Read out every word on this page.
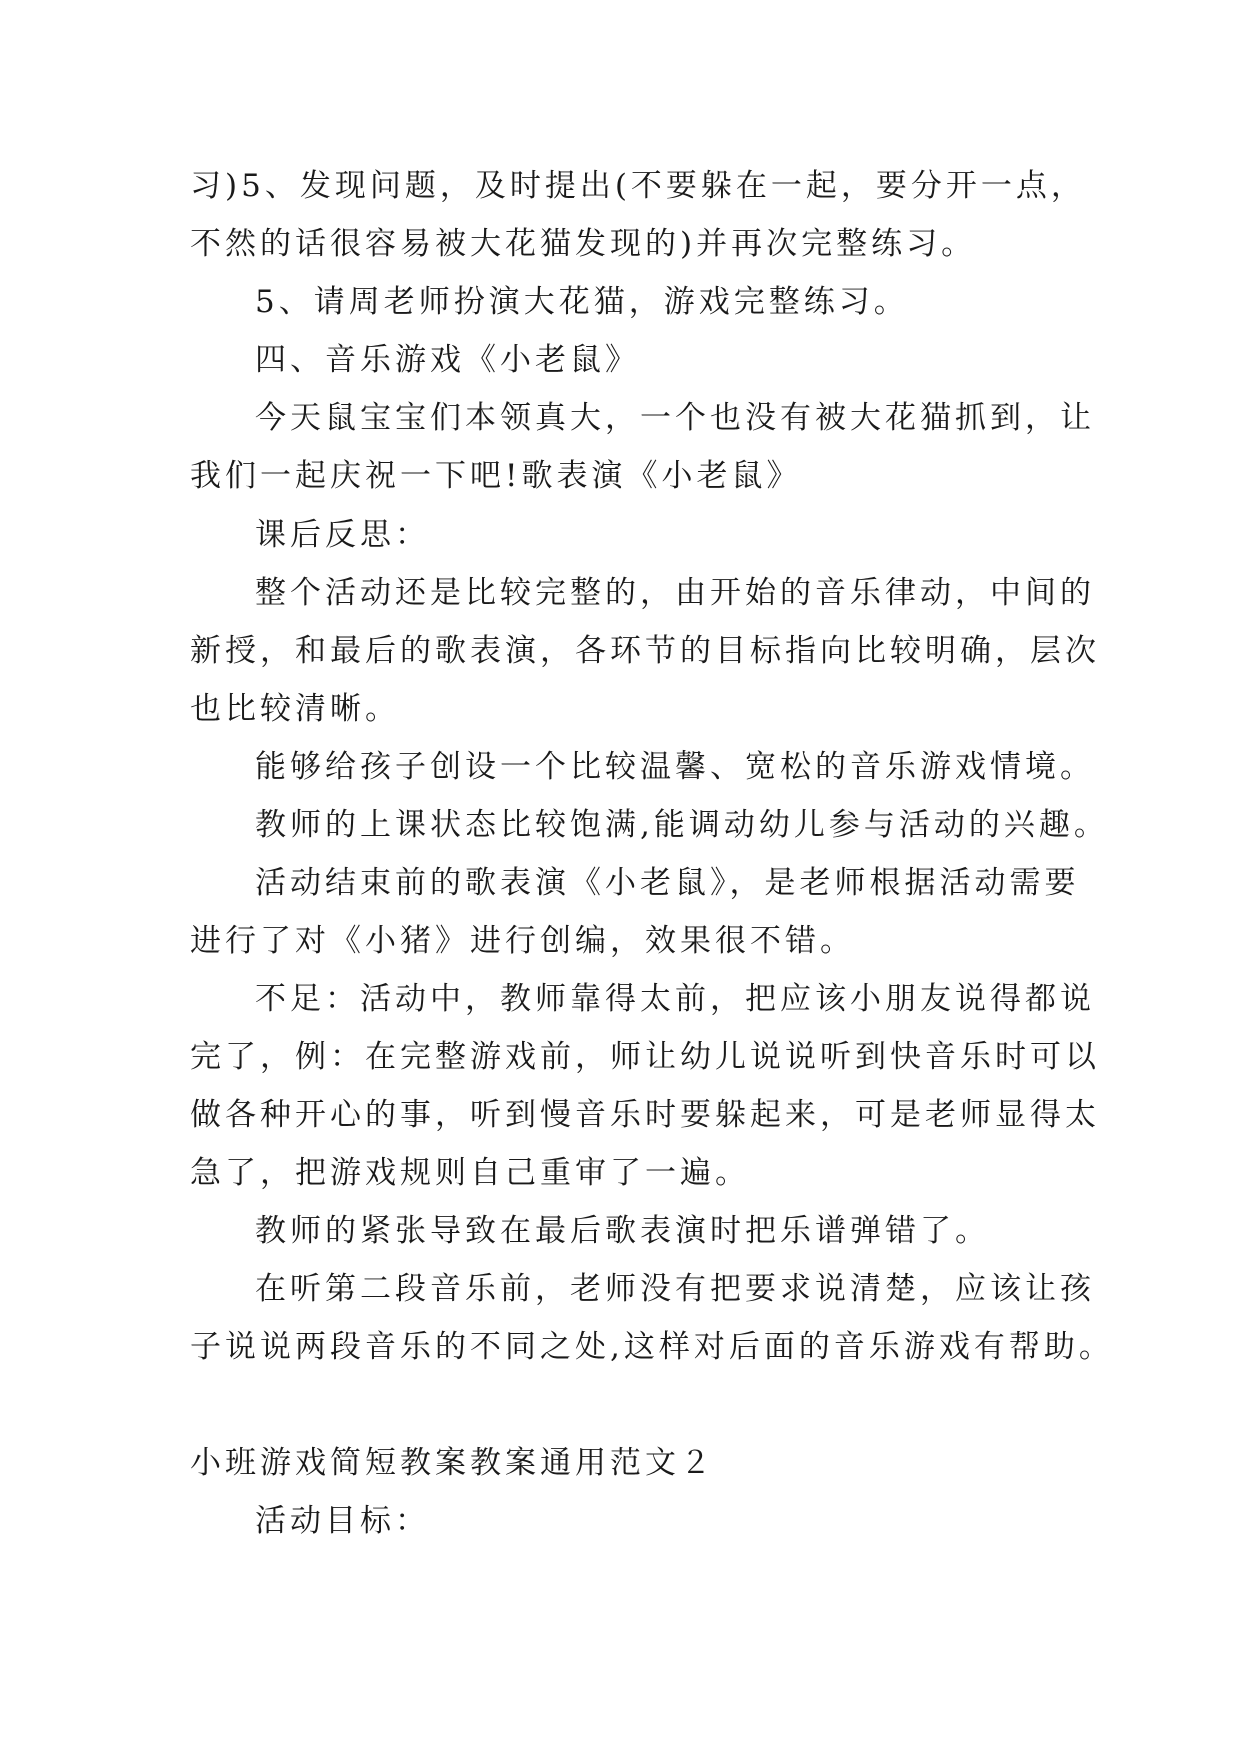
习)5、发现问题，及时提出(不要躲在一起，要分开一点，
不然的话很容易被大花猫发现的)并再次完整练习。
5、请周老师扮演大花猫，游戏完整练习。
四、音乐游戏《小老鼠》
今天鼠宝宝们本领真大，一个也没有被大花猫抓到，让
我们一起庆祝一下吧!歌表演《小老鼠》
课后反思：
整个活动还是比较完整的，由开始的音乐律动，中间的
新授，和最后的歌表演，各环节的目标指向比较明确，层次
也比较清晰。
能够给孩子创设一个比较温馨、宽松的音乐游戏情境。
教师的上课状态比较饱满,能调动幼儿参与活动的兴趣。
活动结束前的歌表演《小老鼠》，是老师根据活动需要
进行了对《小猪》进行创编，效果很不错。
不足：活动中，教师靠得太前，把应该小朋友说得都说
完了，例：在完整游戏前，师让幼儿说说听到快音乐时可以
做各种开心的事，听到慢音乐时要躲起来，可是老师显得太
急了，把游戏规则自己重审了一遍。
教师的紧张导致在最后歌表演时把乐谱弹错了。
在听第二段音乐前，老师没有把要求说清楚，应该让孩
子说说两段音乐的不同之处,这样对后面的音乐游戏有帮助。
小班游戏简短教案教案通用范文２
活动目标：
